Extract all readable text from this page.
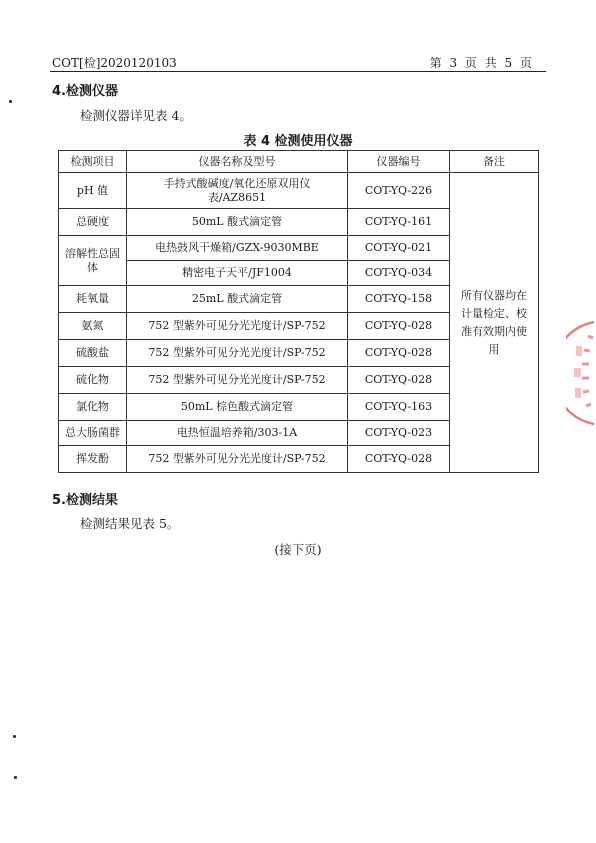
COT[检]2020120103	第 3 页 共 5 页
4.检测仪器
检测仪器详见表 4。
表 4 检测使用仪器
检测项目	仪器名称及型号	仪器编号	备注
pH 值	手持式酸碱度/氧化还原双用仪表/AZ8651	COT-YQ-226	所有仪器均在计量检定、校准有效期内使用
总硬度	50mL 酸式滴定管	COT-YQ-161	
溶解性总固体	电热鼓风干燥箱/GZX-9030MBE	COT-YQ-021	
	精密电子天平/JF1004	COT-YQ-034	
耗氧量	25mL 酸式滴定管	COT-YQ-158	
氨氮	752 型紫外可见分光光度计/SP-752	COT-YQ-028	
硫酸盐	752 型紫外可见分光光度计/SP-752	COT-YQ-028	
硫化物	752 型紫外可见分光光度计/SP-752	COT-YQ-028	
氯化物	50mL 棕色酸式滴定管	COT-YQ-163	
总大肠菌群	电热恒温培养箱/303-1A	COT-YQ-023	
挥发酚	752 型紫外可见分光光度计/SP-752	COT-YQ-028	
5.检测结果
检测结果见表 5。
(接下页)
